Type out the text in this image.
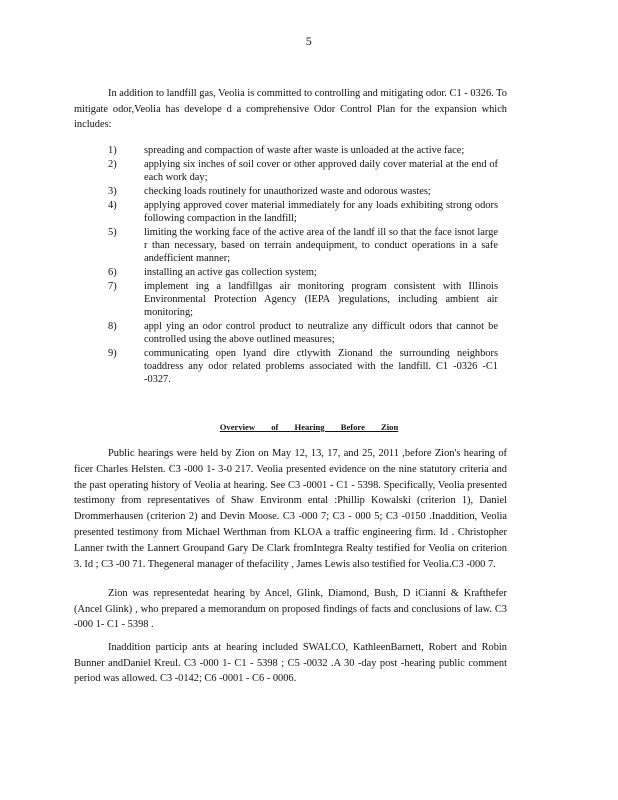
5

In addition to landfill gas, Veolia is committed to controlling and mitigating odor. C1 - 0326. To mitigate odor,Veolia has develope d a comprehensive Odor Control Plan for the expansion which includes:

1)	spreading and compaction of waste after waste is unloaded at the active face;
2)	applying six inches of soil cover or other approved daily cover material at the end of each work day;
3)	checking loads routinely for unauthorized waste and odorous wastes;
4)	applying approved cover material immediately for any loads exhibiting strong odors following compaction in the landfill;
5)	limiting the working face of the active area of the landf ill so that the face isnot large r than necessary, based on terrain andequipment, to conduct operations in a safe andefficient manner;
6)	installing an active gas collection system;
7)	implement ing a landfillgas air monitoring program consistent with Illinois Environmental Protection Agency (IEPA )regulations, including ambient air monitoring;
8)	appl ying an odor control product to neutralize any difficult odors that cannot be controlled using the above outlined measures;
9)	communicating open lyand dire ctlywith Zionand the surrounding neighbors toaddress any odor related problems associated with the landfill. C1 -0326 -C1 -0327.
Overview of Hearing Before Zion

Public hearings were held by Zion on May 12, 13, 17, and 25, 2011 ,before Zion's hearing of ficer Charles Helsten. C3 -000 1- 3-0 217. Veolia presented evidence on the nine statutory criteria and the past operating history of Veolia at hearing. See C3 -0001 - C1 - 5398. Specifically, Veolia presented testimony from representatives of Shaw Environm ental :Phillip Kowalski (criterion 1), Daniel Drommerhausen (criterion 2) and Devin Moose. C3 -000 7; C3 - 000 5; C3 -0150 .Inaddition, Veolia presented testimony from Michael Werthman from KLOA a traffic engineering firm. Id . Christopher Lanner twith the Lannert Groupand Gary De Clark fromIntegra Realty testified for Veolia on criterion 3. Id ; C3 -00 71. Thegeneral manager of thefacility , James Lewis also testified for Veolia.C3 -000 7.

Zion was representedat hearing by Ancel, Glink, Diamond, Bush, D iCianni & Krafthefer (Ancel Glink) , who prepared a memorandum on proposed findings of facts and conclusions of law. C3 -000 1- C1 - 5398 .

Inaddition particip ants at hearing included SWALCO, KathleenBarnett, Robert and Robin Bunner andDaniel Kreul. C3 -000 1- C1 - 5398 ; C5 -0032 .A 30 -day post -hearing public comment period was allowed. C3 -0142; C6 -0001 - C6 - 0006.
